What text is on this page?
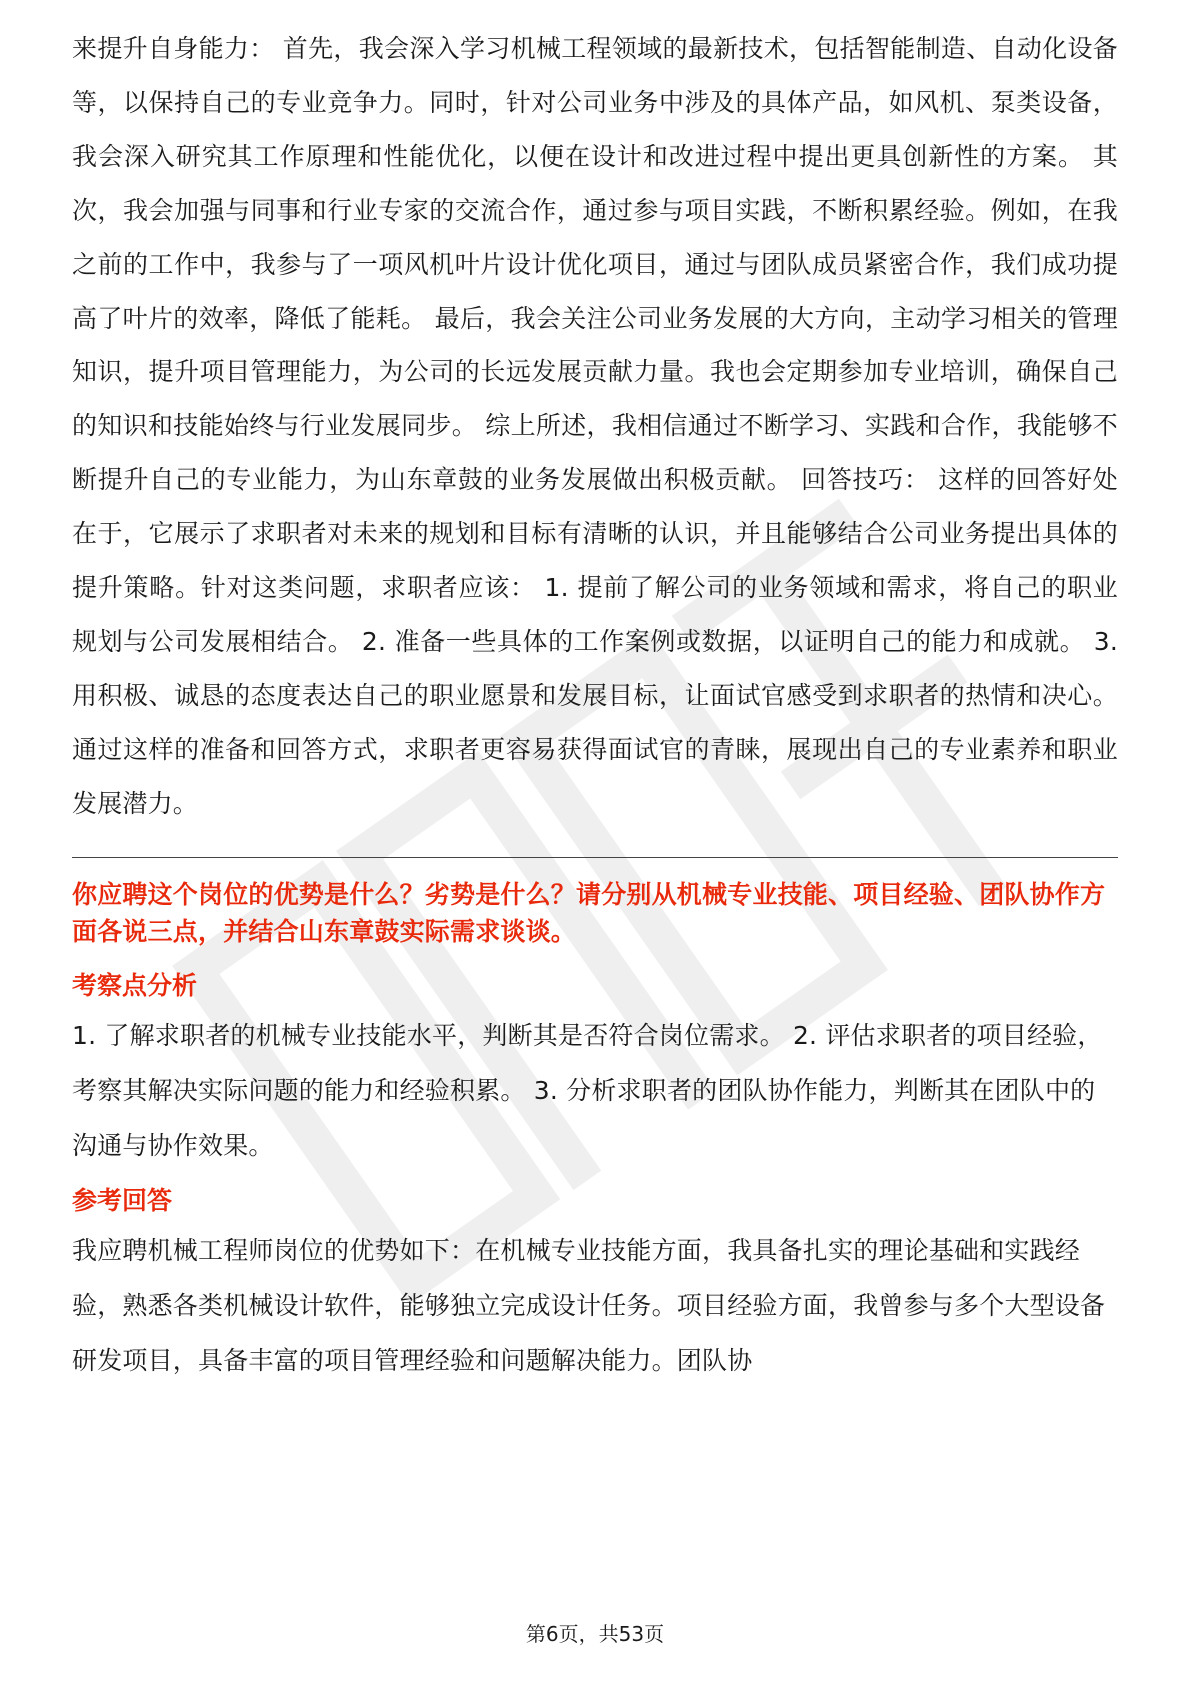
来提升自身能力： 首先，我会深入学习机械工程领域的最新技术，包括智能制造、自动化设备等，以保持自己的专业竞争力。同时，针对公司业务中涉及的具体产品，如风机、泵类设备，我会深入研究其工作原理和性能优化，以便在设计和改进过程中提出更具创新性的方案。 其次，我会加强与同事和行业专家的交流合作，通过参与项目实践，不断积累经验。例如，在我之前的工作中，我参与了一项风机叶片设计优化项目，通过与团队成员紧密合作，我们成功提高了叶片的效率，降低了能耗。 最后，我会关注公司业务发展的大方向，主动学习相关的管理知识，提升项目管理能力，为公司的长远发展贡献力量。我也会定期参加专业培训，确保自己的知识和技能始终与行业发展同步。 综上所述，我相信通过不断学习、实践和合作，我能够不断提升自己的专业能力，为山东章鼓的业务发展做出积极贡献。 回答技巧： 这样的回答好处在于，它展示了求职者对未来的规划和目标有清晰的认识，并且能够结合公司业务提出具体的提升策略。针对这类问题，求职者应该： 1. 提前了解公司的业务领域和需求，将自己的职业规划与公司发展相结合。 2. 准备一些具体的工作案例或数据，以证明自己的能力和成就。 3. 用积极、诚恳的态度表达自己的职业愿景和发展目标，让面试官感受到求职者的热情和决心。 通过这样的准备和回答方式，求职者更容易获得面试官的青睐，展现出自己的专业素养和职业发展潜力。

你应聘这个岗位的优势是什么？劣势是什么？请分别从机械专业技能、项目经验、团队协作方面各说三点，并结合山东章鼓实际需求谈谈。

考察点分析

1. 了解求职者的机械专业技能水平，判断其是否符合岗位需求。 2. 评估求职者的项目经验，考察其解决实际问题的能力和经验积累。 3. 分析求职者的团队协作能力，判断其在团队中的沟通与协作效果。

参考回答

我应聘机械工程师岗位的优势如下：在机械专业技能方面，我具备扎实的理论基础和实践经验，熟悉各类机械设计软件，能够独立完成设计任务。项目经验方面，我曾参与多个大型设备研发项目，具备丰富的项目管理经验和问题解决能力。团队协

第6页，共53页
